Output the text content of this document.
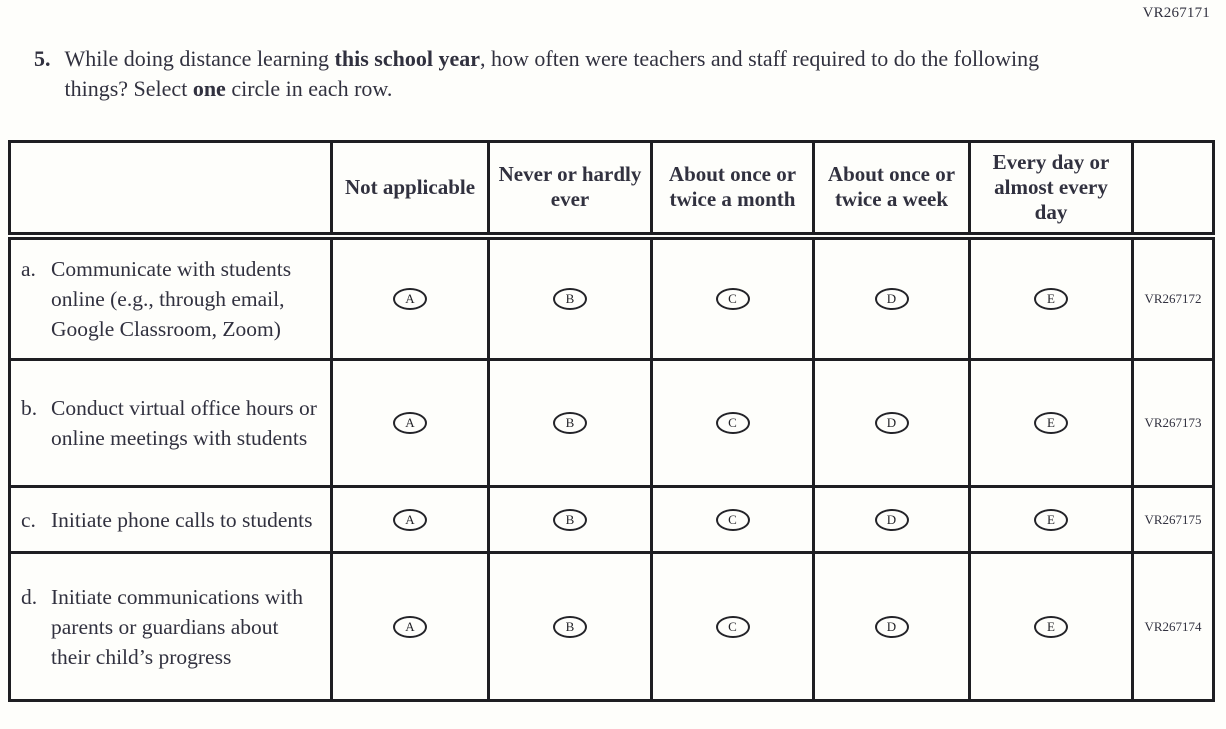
VR267171
5. While doing distance learning this school year, how often were teachers and staff required to do the following things? Select one circle in each row.
	Not applicable	Never or hardly ever	About once or twice a month	About once or twice a week	Every day or almost every day	

a. Communicate with students online (e.g., through email, Google Classroom, Zoom)	A	B	C	D	E	VR267172

b. Conduct virtual office hours or online meetings with students	A	B	C	D	E	VR267173

c. Initiate phone calls to students	A	B	C	D	E	VR267175

d. Initiate communications with parents or guardians about their child’s progress	A	B	C	D	E	VR267174
